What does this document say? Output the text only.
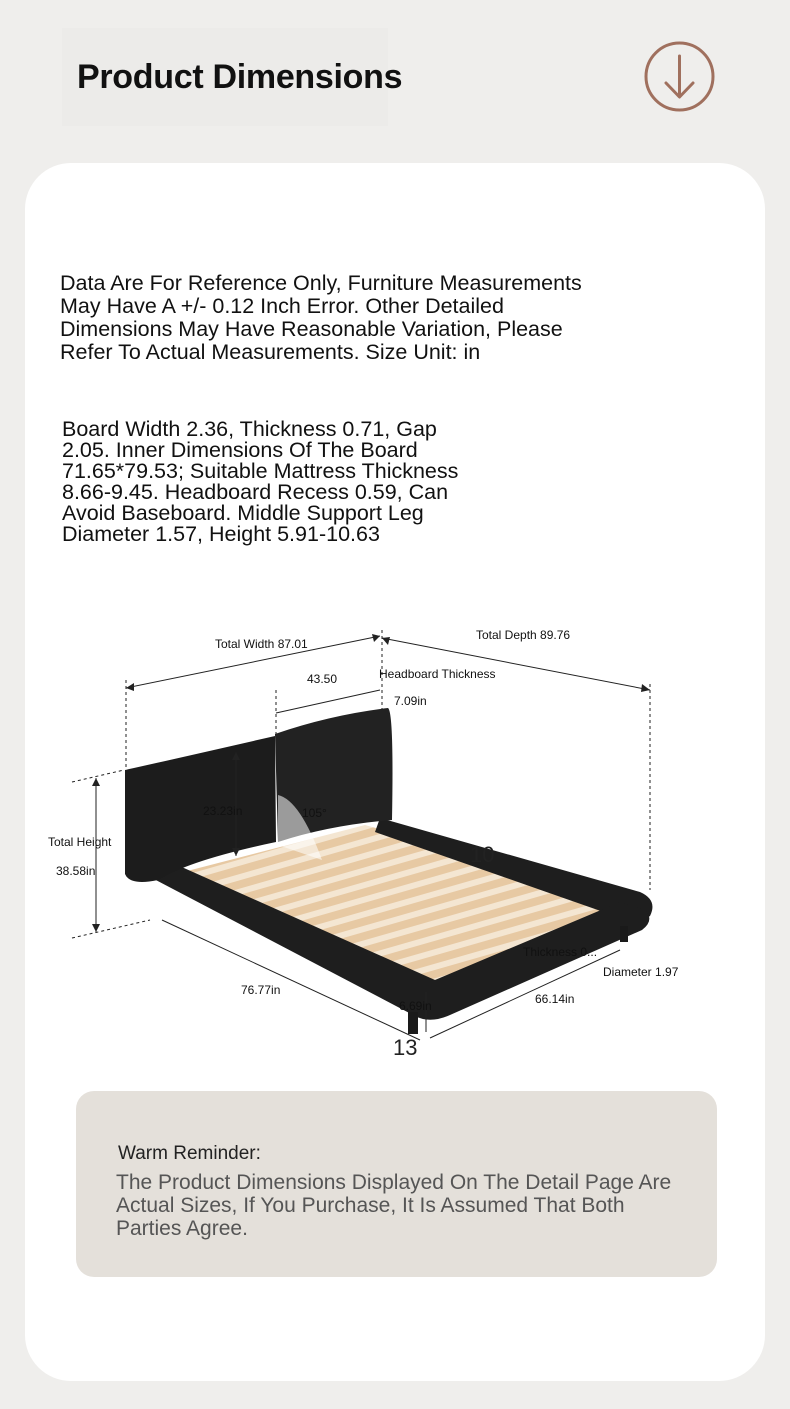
Product Dimensions

Data Are For Reference Only, Furniture Measurements May Have A +/- 0.12 Inch Error. Other Detailed Dimensions May Have Reasonable Variation, Please Refer To Actual Measurements. Size Unit: in

Board Width 2.36, Thickness 0.71, Gap 2.05. Inner Dimensions Of The Board 71.65*79.53; Suitable Mattress Thickness 8.66-9.45. Headboard Recess 0.59, Can Avoid Baseboard. Middle Support Leg Diameter 1.57, Height 5.91-10.63

Total Width 87.01
Total Depth 89.76
43.50	Headboard Thickness
7.09in
23.23in	105°
Total Height
38.58in
10
Thickness 0...
Diameter 1.97
76.77in
6.69in	66.14in
13

Warm Reminder:

The Product Dimensions Displayed On The Detail Page Are Actual Sizes, If You Purchase, It Is Assumed That Both Parties Agree.
